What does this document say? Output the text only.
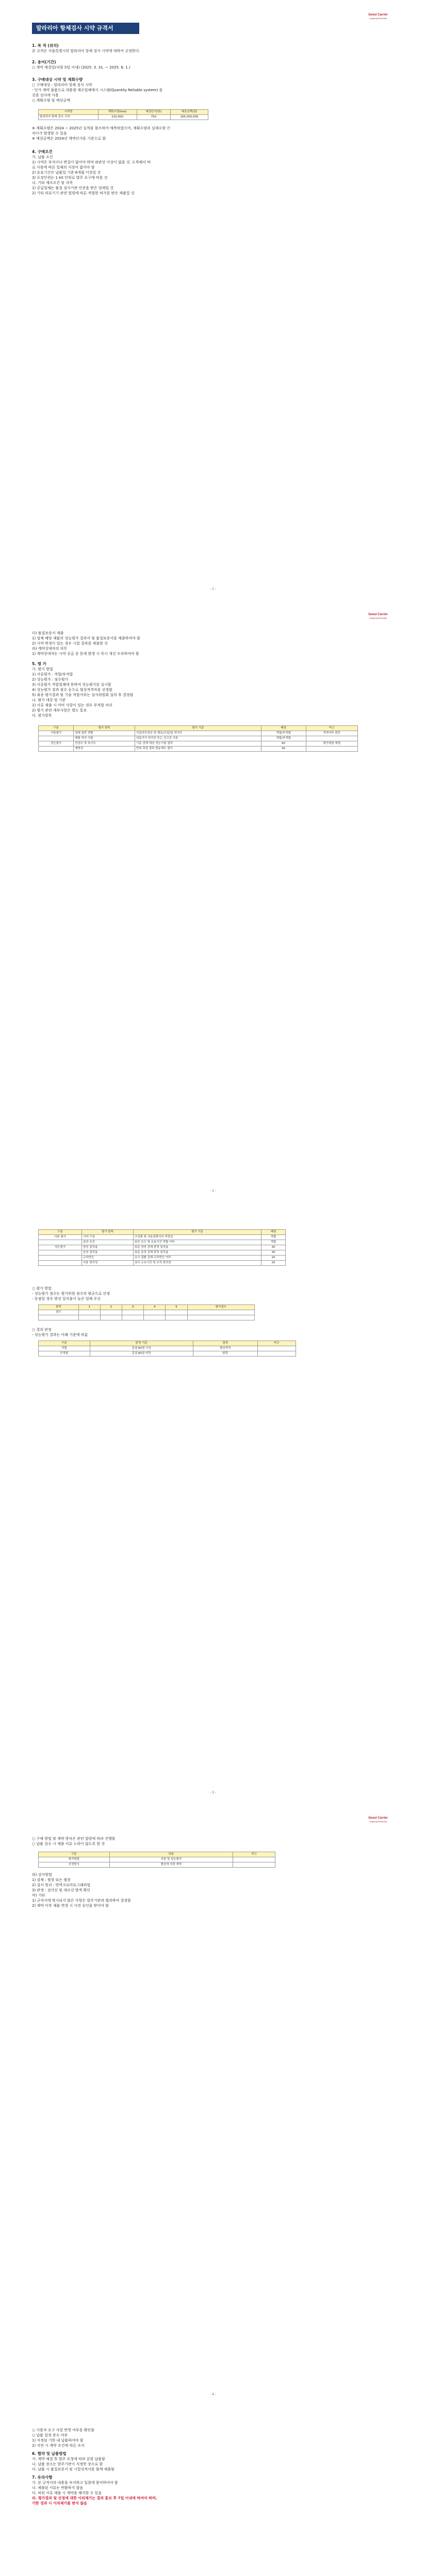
Seoul Carrier
Jungang Medicolab
말라리아 항체검사 시약 규격서
1. 목 적 (위치)
본 규격은 서울특별시의 말라리아 항체 검사 시약에 대하여 규정한다.
2. 용어(기간)
○ 계약 체결일(낙찰 5일 이내) (2025. 3. 31. ~ 2025. 6. 1.)
3. 구매대상 시약 및 계획수량
○ 구매대상 : 말라리아 항체 검사 시약
- 단가 계약 물품으로 대용량 제조업체에서 시스템(Quantity Reliable system) 을
갖춘 검사에 사용
○ 계획수량 및 예상금액
시약명	계획수량(test)	예상단가(원)	예상금액(원)
말라리아 항체 검사 시약	220,000	750	165,000,000
※ 계획수량은 2024 ~ 2025년 실적을 참조하여 예측하였으며, 계획수량과 실제수량 간
차이가 발생할 수 있음
※ 예상금액은 2024년 계약단가를 기준으로 함
4. 구매조건
가. 납품 조건
1) 시약은 부식이나 변질이 없어야 하며 외관상 이상이 없을 것. 도착해서 바
로 사용에 따른 일체의 지장이 없어야 함
2) 유효기간은 납품일 기준 6개월 이상일 것
3) 포장단위는 1 kit 단위로 발주 요구에 따를 것
나. 기타 제조조건 및 자격
1) 공급업체는 품질 검사기관 인증을 받은 업체일 것
2) 기타 의료기기 관련 법령에 따른 적법한 허가를 받은 제품일 것
- 1 -
Seoul Carrier
Jungang Medicolab
다) 품질보증서 제출
1) 업체 해당 제품의 성능평가 결과서 및 품질보증서를 제출하여야 함
2) 시약 변경이 있는 경우 시험 결과를 제출할 것
라) 계약상대자의 의무
1) 계약상대자는 시약 공급 중 문제 발생 시 즉시 개선 조치하여야 함
5. 평 가
가. 평가 방법
1) 서류평가 : 적합/부적합
2) 성능평가 : 점수평가
3) 서류평가 적합업체에 한하여 성능평가를 실시함
4) 성능평가 결과 점수 순으로 협상적격자를 선정함
5) 최종 평가결과 및 기술 적합여부는 심사위원회 심의 후 결정함
나. 평가 대상 및 기준
1) 서류 제출 시 미비 사항이 있는 경우 부적합 처리
2) 평가 관련 세부사항은 별도 통보
다. 평가항목
구분	평가 항목	평가 기준	배점	비고
서류평가	업체 일반 현황	사업자등록증 및 제조(수입)업 허가증	적합/부적합	적격여부 판단
	제품 허가 사항	의료기기 허가증 또는 신고증 사본	적합/부적합	
성능평가	민감도 및 특이도	기준 검체 대상 성능시험 결과	60	평가위원 채점
	재현성	반복 측정 결과 변동계수 평가	40	
- 2 -
구분	평가 항목	평가 기준	배점
서류 평가	시약 구성	구성품 및 사용설명서의 적정성	적합
	보관 조건	보관 온도 및 유효기간 적합 여부	적합
성능평가	양성 일치율	표준 양성 검체 판정 일치율	30
	음성 일치율	표준 음성 검체 판정 일치율	30
	교차반응	유사 질환 검체 교차반응 여부	20
	사용 편의성	검사 소요시간 및 조작 편의성	20
○ 평가 방법
- 성능평가 점수는 평가위원 점수의 평균으로 산정
- 동점일 경우 양성 일치율이 높은 업체 우선
항목	1	2	3	4	5	평가점수
점수						

○ 결과 판정
- 성능평가 결과는 아래 기준에 따름
구분	판정 기준	결과	비고
적합	총점 80점 이상	협상적격	
부적합	총점 80점 미만	탈락	
- 3 -
Seoul Carrier
Jungang Medicolab
○ 구매 방법 및 계약 방식은 관련 법령에 따라 진행함
○ 납품 검수 시 제출 서류 누락이 없도록 할 것
구분	내용	비고
평가방법	서류 및 성능평가	
선정방식	협상에 의한 계약	
라) 검사방법
1) 검체 : 혈청 또는 혈장
2) 검사 원리 : 면역크로마토그래피법
3) 판정 : 검사선 및 대조선 발색 확인
마) 기타
1) 규격서에 명시되지 않은 사항은 발주기관과 협의하여 결정함
2) 계약 이후 제품 변경 시 사전 승인을 받아야 함
- 4 -
○ 사용자 요구 사항 반영 여부를 확인함
○ 납품 일정 준수 여부
1) 지정된 기한 내 납품하여야 함
2) 지연 시 계약 조건에 따른 조치
6. 협약 및 납품방법
가. 계약 체결 후 발주 요청에 따라 분할 납품함
나. 납품 장소는 발주기관이 지정한 장소로 함
다. 납품 시 품질보증서 및 시험성적서를 함께 제출함
7. 유의사항
가. 본 규격서의 내용을 숙지하고 입찰에 참여하여야 함
나. 제출된 서류는 반환하지 않음
다. 허위 서류 제출 시 계약을 해지할 수 있음
라. 평가결과 및 선정에 대한 이의제기는 결과 통보 후 7일 이내에 하여야 하며,
기한 경과 시 이의제기를 받지 않음
